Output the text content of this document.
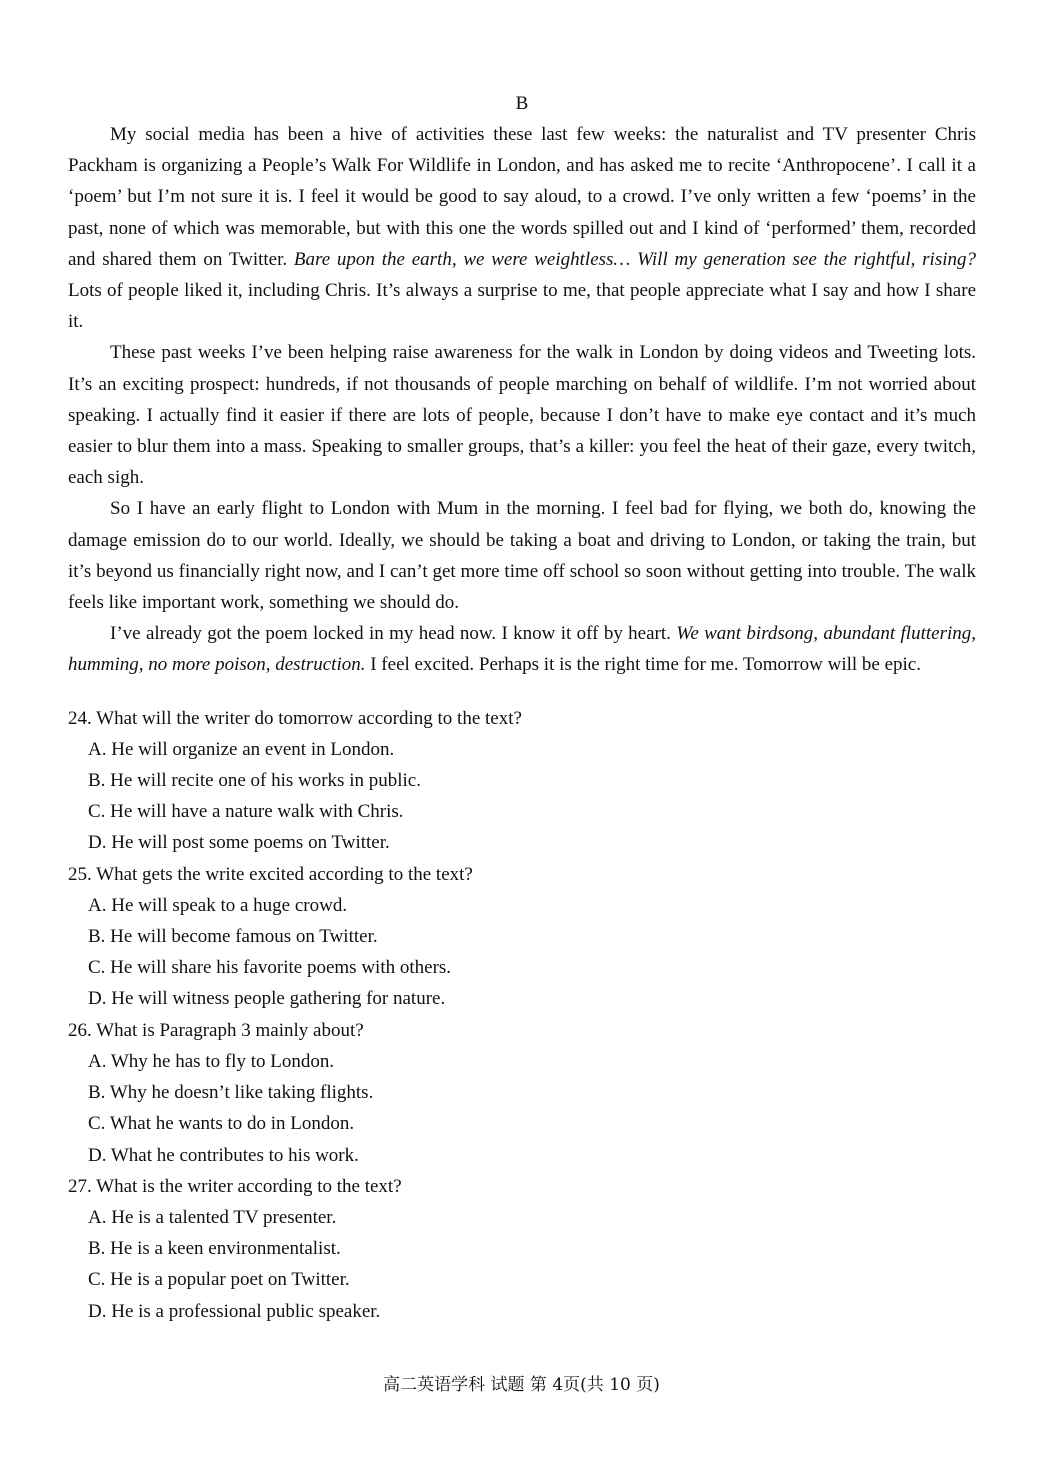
B

My social media has been a hive of activities these last few weeks: the naturalist and TV presenter Chris Packham is organizing a People’s Walk For Wildlife in London, and has asked me to recite ‘Anthropocene’. I call it a ‘poem’ but I’m not sure it is. I feel it would be good to say aloud, to a crowd. I’ve only written a few ‘poems’ in the past, none of which was memorable, but with this one the words spilled out and I kind of ‘performed’ them, recorded and shared them on Twitter. Bare upon the earth, we were weightless… Will my generation see the rightful, rising? Lots of people liked it, including Chris. It’s always a surprise to me, that people appreciate what I say and how I share it.

These past weeks I’ve been helping raise awareness for the walk in London by doing videos and Tweeting lots. It’s an exciting prospect: hundreds, if not thousands of people marching on behalf of wildlife. I’m not worried about speaking. I actually find it easier if there are lots of people, because I don’t have to make eye contact and it’s much easier to blur them into a mass. Speaking to smaller groups, that’s a killer: you feel the heat of their gaze, every twitch, each sigh.

So I have an early flight to London with Mum in the morning. I feel bad for flying, we both do, knowing the damage emission do to our world. Ideally, we should be taking a boat and driving to London, or taking the train, but it’s beyond us financially right now, and I can’t get more time off school so soon without getting into trouble. The walk feels like important work, something we should do.

I’ve already got the poem locked in my head now. I know it off by heart. We want birdsong, abundant fluttering, humming, no more poison, destruction. I feel excited. Perhaps it is the right time for me. Tomorrow will be epic.

24. What will the writer do tomorrow according to the text?
A. He will organize an event in London.
B. He will recite one of his works in public.
C. He will have a nature walk with Chris.
D. He will post some poems on Twitter.
25. What gets the write excited according to the text?
A. He will speak to a huge crowd.
B. He will become famous on Twitter.
C. He will share his favorite poems with others.
D. He will witness people gathering for nature.
26. What is Paragraph 3 mainly about?
A. Why he has to fly to London.
B. Why he doesn’t like taking flights.
C. What he wants to do in London.
D. What he contributes to his work.
27. What is the writer according to the text?
A. He is a talented TV presenter.
B. He is a keen environmentalist.
C. He is a popular poet on Twitter.
D. He is a professional public speaker.
高二英语学科 试题 第 4页(共 10 页)
